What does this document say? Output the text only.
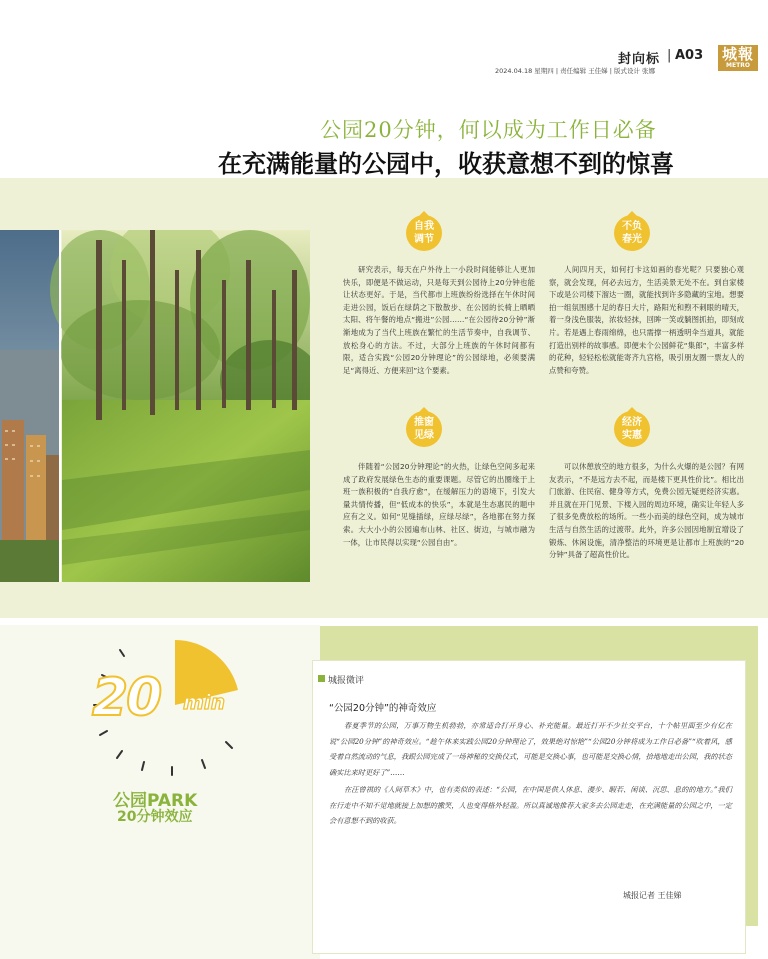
封向标 | A03 城報
METRO
2024.04.18 星期四 | 责任编辑 王佳娣 | 版式设计 张娜
公园20分钟，何以成为工作日必备
在充满能量的公园中，收获意想不到的惊喜
自我
调节
研究表示，每天在户外待上一小段时间能够让人更加快乐，即便是不做运动，只是每天到公园待上20分钟也能让状态更好。于是，当代都市上班族纷纷选择在午休时间走进公园，饭后在绿荫之下散散步、在公园的长椅上晒晒太阳、将午餐的地点“搬进”公园……“在公园待20分钟”渐渐地成为了当代上班族在繁忙的生活节奏中，自我调节、放松身心的方法。不过，大部分上班族的午休时间都有限，适合实践“公园20分钟理论”的公园绿地，必须要满足“离得近、方便来回”这个要素。
不负
春光
人间四月天，如何打卡这如画的春光呢？只要独心观察，就会发现，何必去远方，生活美景无处不在。到自家楼下或是公司楼下溜达一圈，就能找到许多隐藏的宝地。想要拍一组氛围感十足的春日大片，路阳光和煦不刺眼的晴天，着一身浅色服装，浓妆轻抹，回眸一笑或躺图抓拍，即刻成片。若是遇上春雨绵绵，也只需撑一柄透明伞当道具，就能打造出别样的故事感。即便未个公园鲜花“集郎”，丰富多样的花种，轻轻松松就能寄齐九宫格，吸引朋友圈一票友人的点赞和夸赞。
推窗
见绿
伴随着“公园20分钟理论”的火热，让绿色空间多起来成了政府发展绿色生态的重要课题。尽管它的出圈缘于上班一族积极的“自我疗愈”，在缓解压力的语境下，引发大量共情传播，但“低成本的快乐”，本就是生态惠民的题中应有之义。如何“见缝插绿，应绿尽绿”，各地都在努力探索。大大小小的公园遍布山林、社区、街边，与城市融为一体，让市民得以实现“公园自由”。
经济
实惠
可以休憩放空的地方很多，为什么火爆的是公园？有网友表示，“不是远方去不起，而是楼下更具性价比”。相比出门旅游、住民宿、健身等方式，免费公园无疑更经济实惠。并且就在开门见景、下楼入园的周边环境，确实让年轻人多了很多免费放松的场所。一些小而美的绿色空间，成为城市生活与自然生活的过渡带。此外，许多公园因地制宜增设了锻炼、休闲设施，清净整洁的环境更是让都市上班族的“20分钟”具备了超高性价比。
20 min
公园PARK
20分钟效应
城报微评
“公园20分钟”的神奇效应
春夏季节的公园，万事万物生机勃勃，亦常适合打开身心、补充能量。最近打开不少社交平台，十个帖里面至少有亿在说“公园20分钟”的神奇效应。“趁午休来实践公园20分钟理论了，效果绝对惊艳”“公园20分钟将成为工作日必备”“吹着风，感受着自然流动的气息，我跟公园完成了一场神秘的交换仪式，可能是交换心事，也可能是交换心情，拾地地走出公园，我的状态确实比来时更好了”……
在汪曾祺的《人间草木》中，也有类似的表述：“公园，在中国是供人休息、漫步、暇若、闲谈、沉思、息的的地方。”我们在行走中不知不觉地就接上加想的撒笑，人也变得格外轻盈。所以真诚地推荐大家多去公园走走，在充满能量的公园之中，一定会有意想不到的收获。
城报记者 王佳娣
